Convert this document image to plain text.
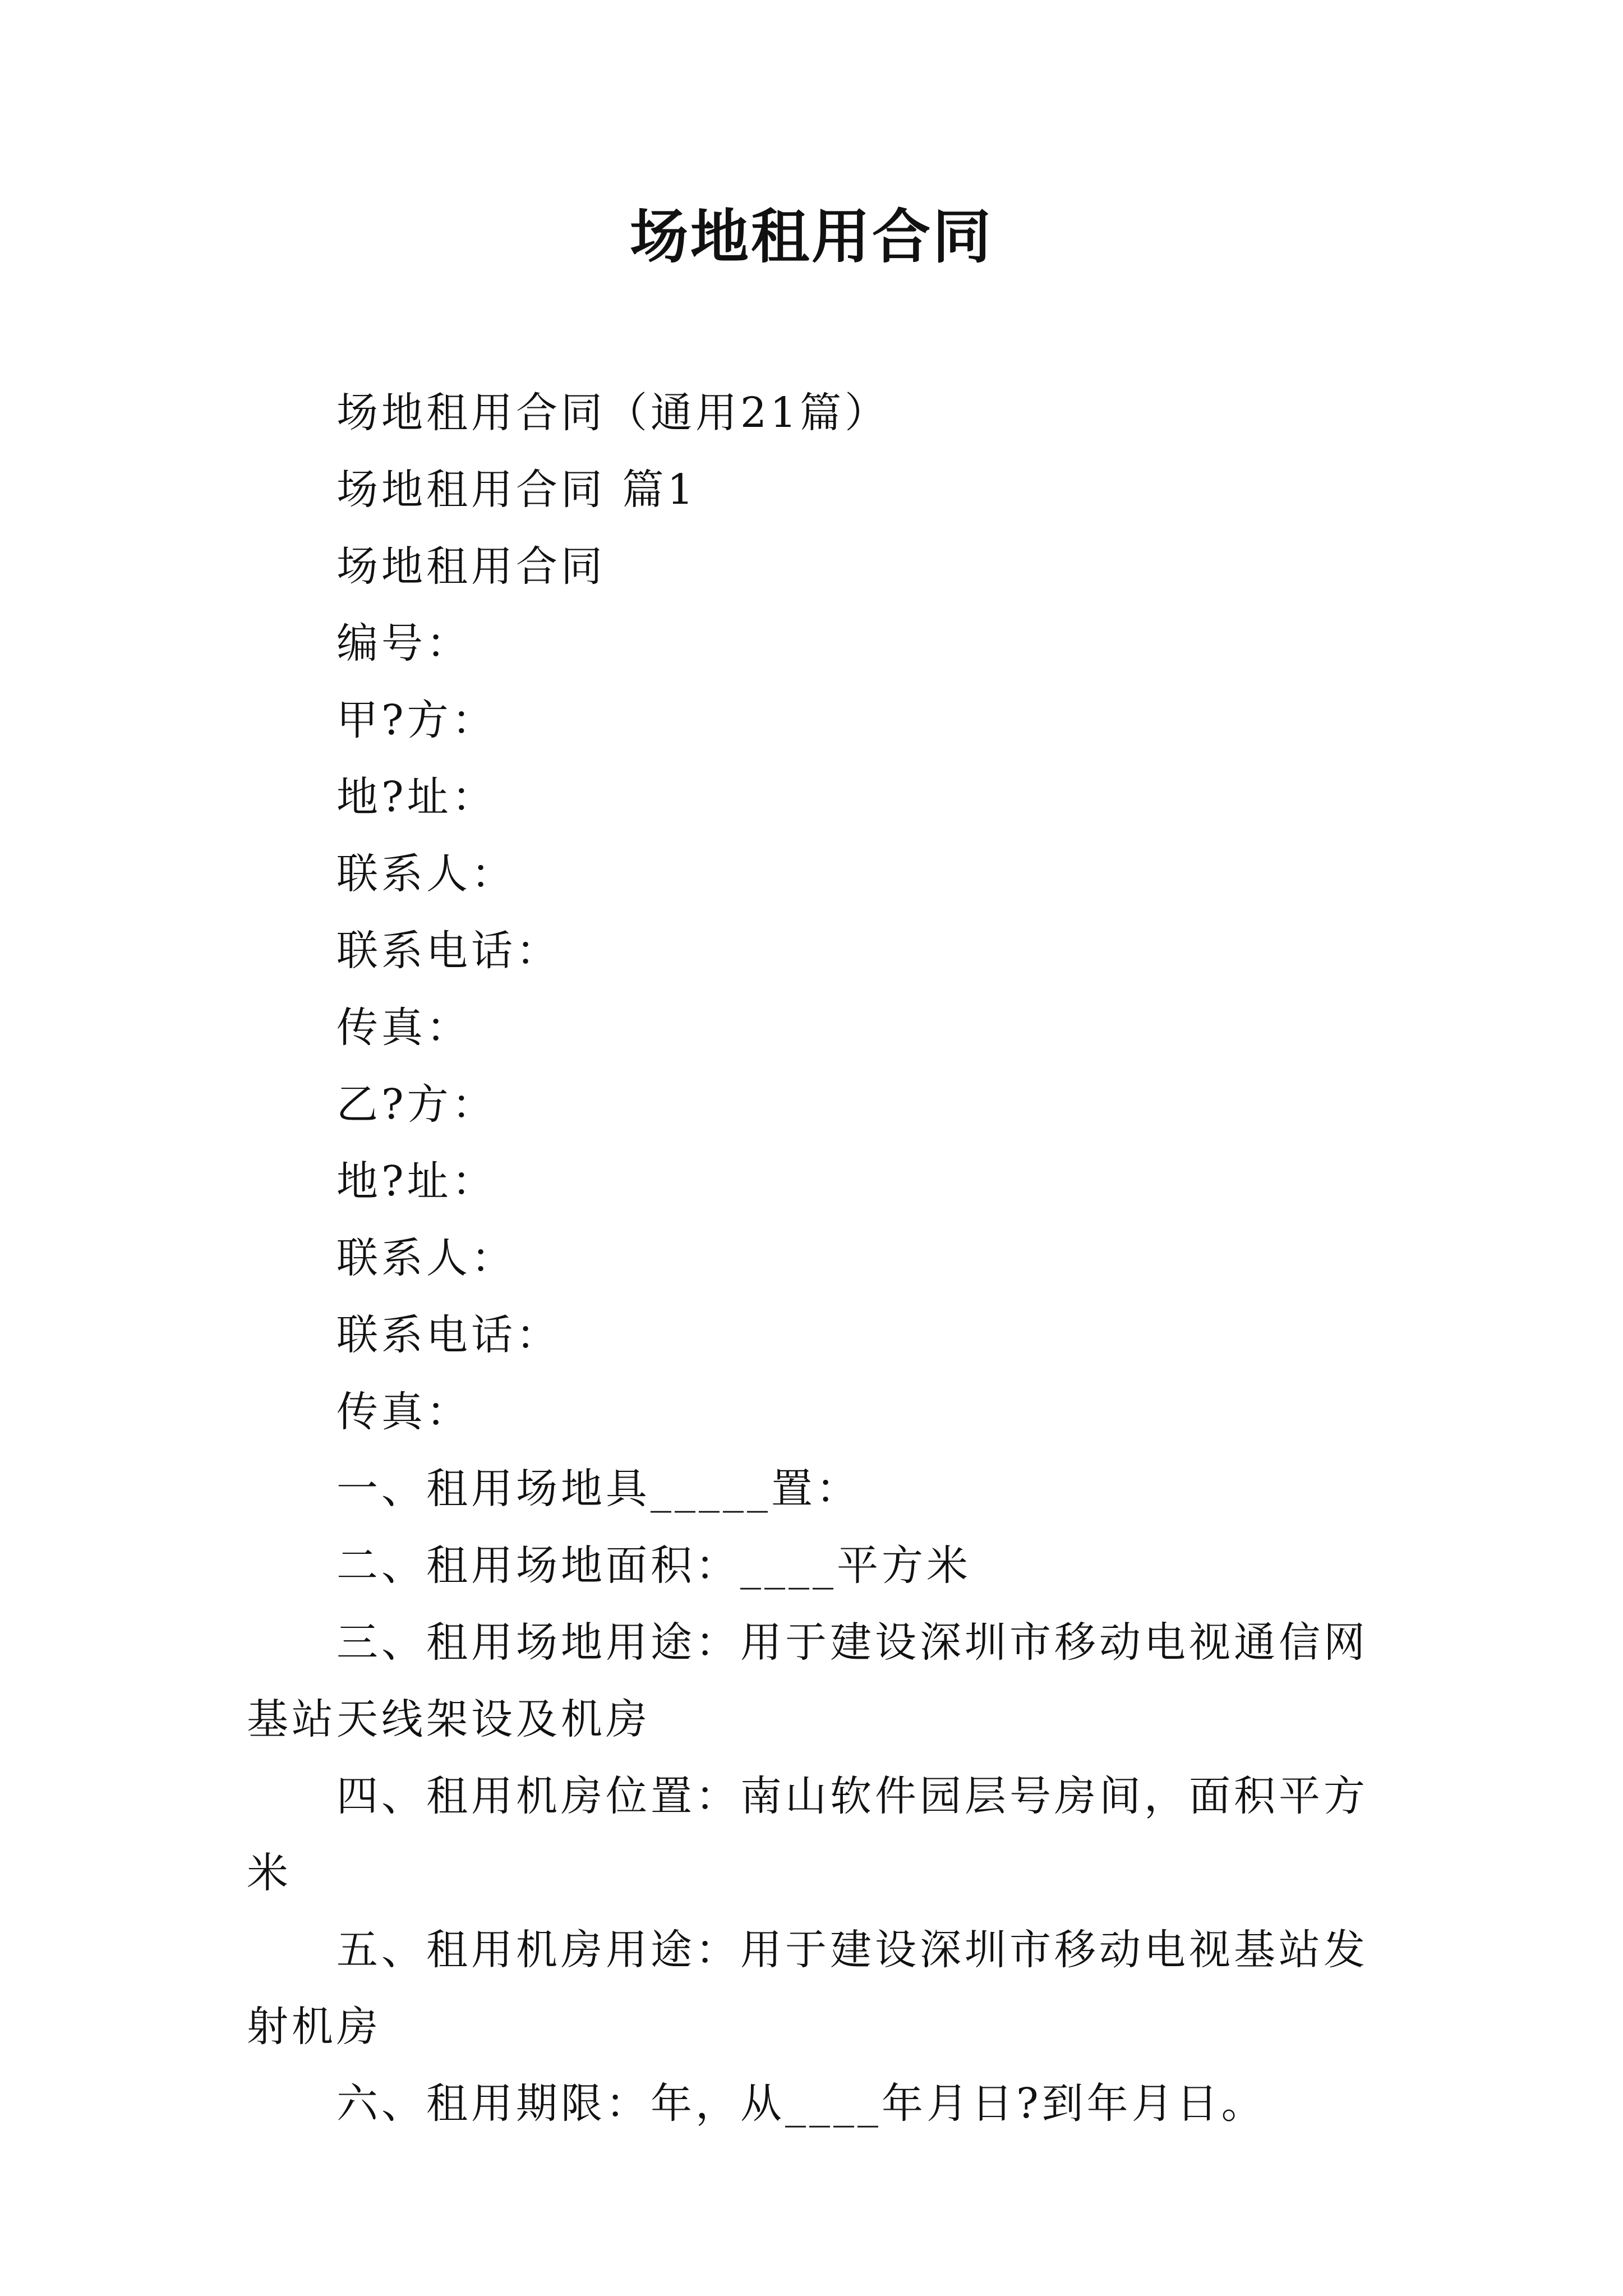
场地租用合同

场地租用合同（通用21篇）

场地租用合同 篇1

场地租用合同

编号：

甲?方：

地?址：

联系人：

联系电话：

传真：

乙?方：

地?址：

联系人：

联系电话：

传真：

一、租用场地具_____置：

二、租用场地面积：____平方米

三、租用场地用途：用于建设深圳市移动电视通信网基站天线架设及机房

四、租用机房位置：南山软件园层号房间，面积平方米

五、租用机房用途：用于建设深圳市移动电视基站发射机房

六、租用期限：年，从____年月日?到年月日。
